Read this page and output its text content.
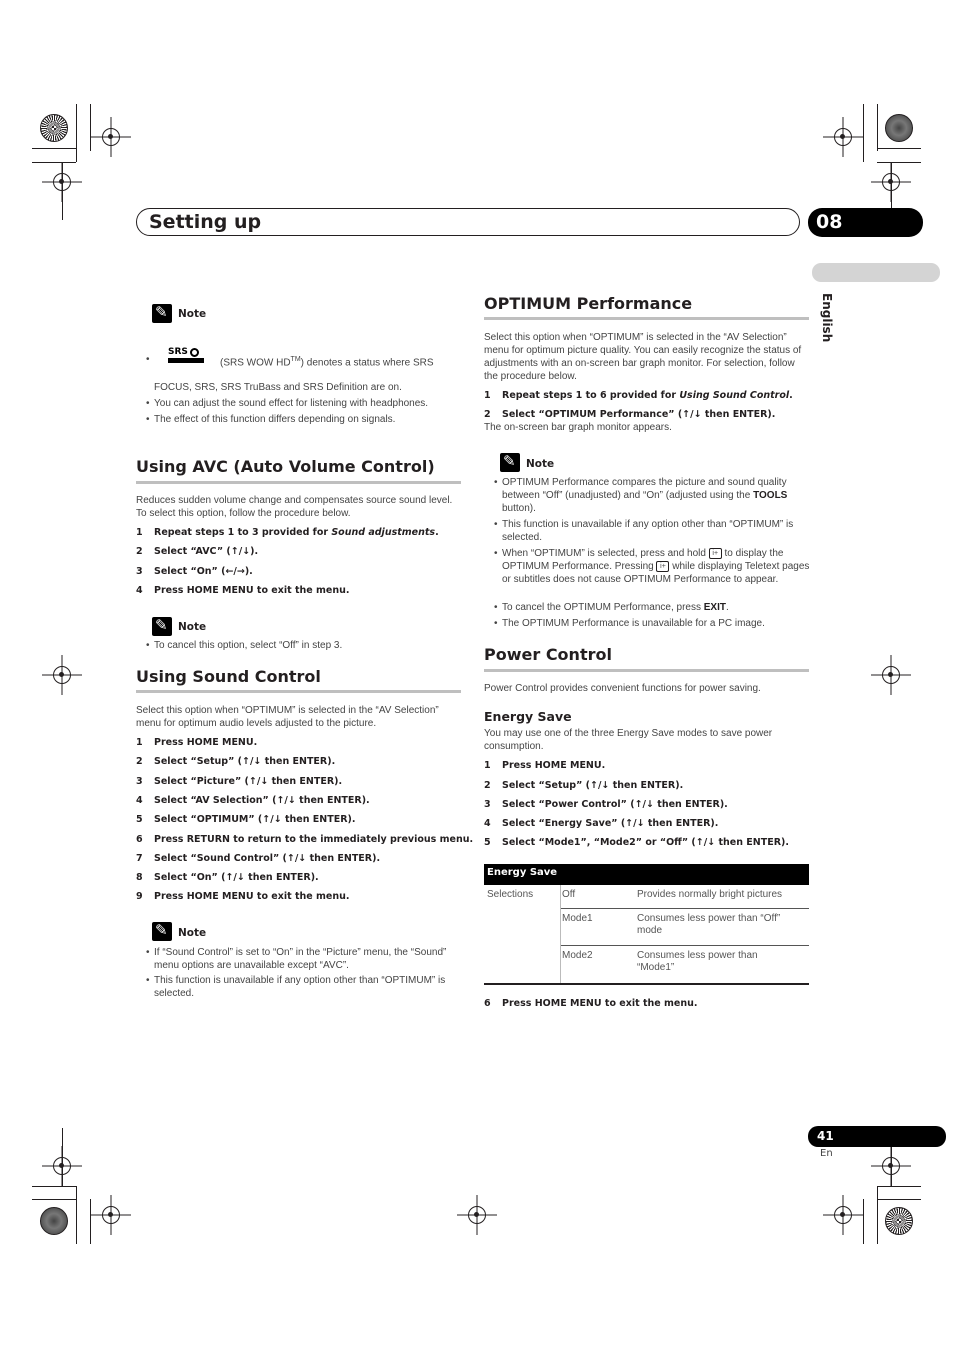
Setting up	08
English
✎
Note
• (SRS WOW HD™) denotes a status where SRS
SRS
FOCUS, SRS, SRS TruBass and SRS Definition are on.
• You can adjust the sound effect for listening with headphones.
• The effect of this function differs depending on signals.
Using AVC (Auto Volume Control)
Reduces sudden volume change and compensates source sound level. To select this option, follow the procedure below.
1 Repeat steps 1 to 3 provided for Sound adjustments.
2 Select “AVC” (↑/↓).
3 Select “On” (←/→).
4 Press HOME MENU to exit the menu.
✎
Note
• To cancel this option, select “Off” in step 3.
Using Sound Control
Select this option when “OPTIMUM” is selected in the “AV Selection” menu for optimum audio levels adjusted to the picture.
1 Press HOME MENU.
2 Select “Setup” (↑/↓ then ENTER).
3 Select “Picture” (↑/↓ then ENTER).
4 Select “AV Selection” (↑/↓ then ENTER).
5 Select “OPTIMUM” (↑/↓ then ENTER).
6 Press RETURN to return to the immediately previous menu.
7 Select “Sound Control” (↑/↓ then ENTER).
8 Select “On” (↑/↓ then ENTER).
9 Press HOME MENU to exit the menu.
✎
Note
• If “Sound Control” is set to “On” in the “Picture” menu, the “Sound” menu options are unavailable except “AVC”.
• This function is unavailable if any option other than “OPTIMUM” is selected.
OPTIMUM Performance
Select this option when “OPTIMUM” is selected in the “AV Selection” menu for optimum picture quality. You can easily recognize the status of adjustments with an on-screen bar graph monitor. For selection, follow the procedure below.
1 Repeat steps 1 to 6 provided for Using Sound Control.
2 Select “OPTIMUM Performance” (↑/↓ then ENTER).
The on-screen bar graph monitor appears.
✎
Note
• OPTIMUM Performance compares the picture and sound quality between “Off” (unadjusted) and “On” (adjusted using the TOOLS button).
• This function is unavailable if any option other than “OPTIMUM” is selected.
• When “OPTIMUM” is selected, press and hold i+ to display the OPTIMUM Performance. Pressing i+ while displaying Teletext pages or subtitles does not cause OPTIMUM Performance to appear.
• To cancel the OPTIMUM Performance, press EXIT.
• The OPTIMUM Performance is unavailable for a PC image.
Power Control
Power Control provides convenient functions for power saving.
Energy Save
You may use one of the three Energy Save modes to save power consumption.
1 Press HOME MENU.
2 Select “Setup” (↑/↓ then ENTER).
3 Select “Power Control” (↑/↓ then ENTER).
4 Select “Energy Save” (↑/↓ then ENTER).
5 Select “Mode1”, “Mode2” or “Off” (↑/↓ then ENTER).
Energy Save
Selections	Off	Provides normally bright pictures
Mode1	Consumes less power than “Off” mode
Mode2	Consumes less power than “Mode1”
6 Press HOME MENU to exit the menu.
41
En
